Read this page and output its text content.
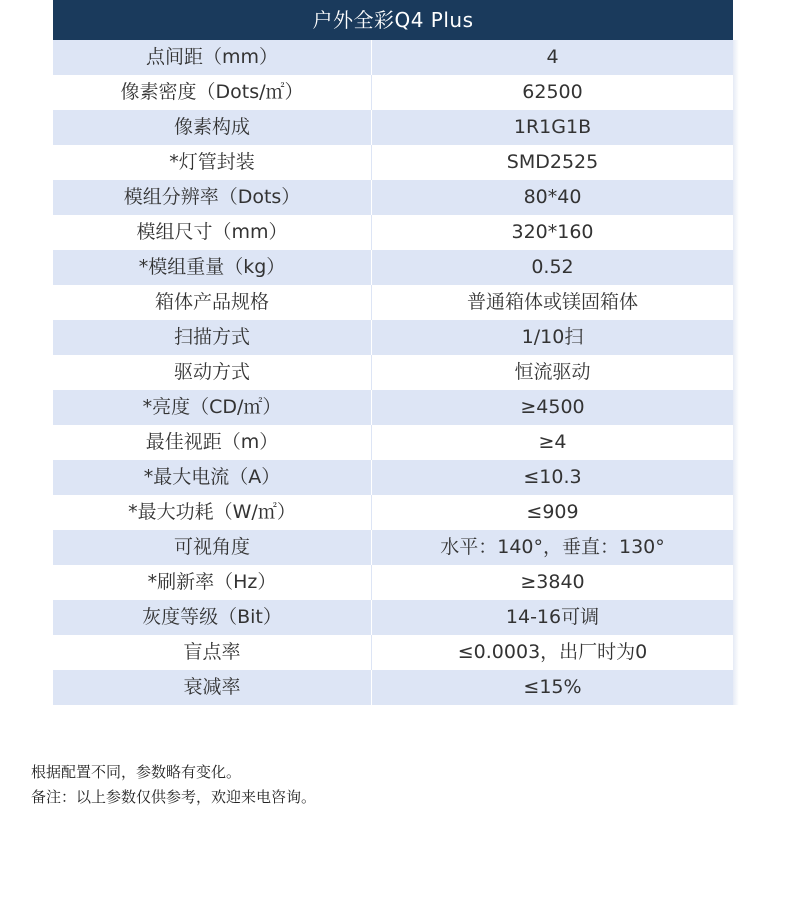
户外全彩Q4 Plus
点间距（mm）	4
像素密度（Dots/㎡）	62500
像素构成	1R1G1B
*灯管封装	SMD2525
模组分辨率（Dots）	80*40
模组尺寸（mm）	320*160
*模组重量（kg）	0.52
箱体产品规格	普通箱体或镁固箱体
扫描方式	1/10扫
驱动方式	恒流驱动
*亮度（CD/㎡）	≥4500
最佳视距（m）	≥4
*最大电流（A）	≤10.3
*最大功耗（W/㎡）	≤909
可视角度	水平：140°，垂直：130°
*刷新率（Hz）	≥3840
灰度等级（Bit）	14-16可调
盲点率	≤0.0003，出厂时为0
衰减率	≤15%
根据配置不同，参数略有变化。
备注：以上参数仅供参考，欢迎来电咨询。
